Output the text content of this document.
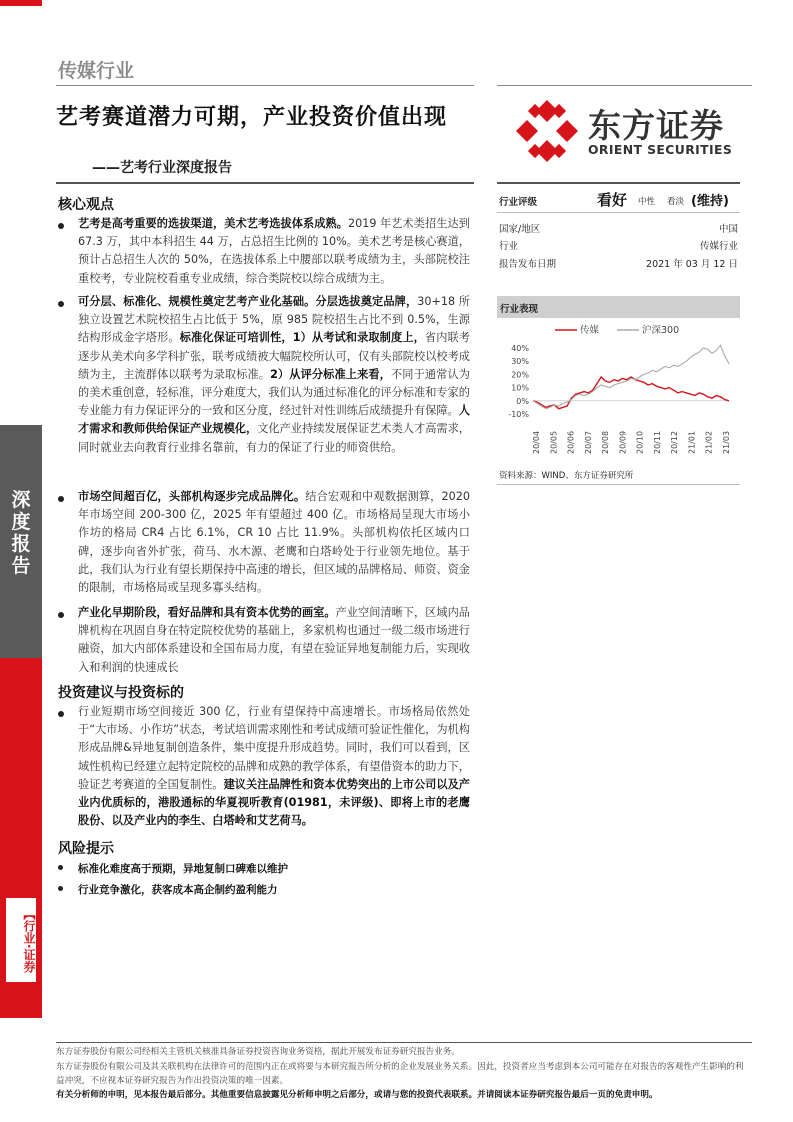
传媒行业
艺考赛道潜力可期，产业投资价值出现
——艺考行业深度报告
东方证券
ORIENT SECURITIES
行业评级	看好 中性 看淡 (维持)
国家/地区	中国
行业	传媒行业
报告发布日期	2021 年 03 月 12 日
行业表现
传媒	沪深300
40%
30%
20%
10%
0%
-10%
20/04 20/05 20/06 20/07 20/08 20/09 20/10 20/11 20/12 21/01 21/02 21/03
资料来源：WIND、东方证券研究所
深
度
报
告
【行业·证券
核心观点
艺考是高考重要的选拔渠道，美术艺考选拔体系成熟。2019 年艺术类招生达到 67.3 万，其中本科招生 44 万，占总招生比例的 10%。美术艺考是核心赛道，预计占总招生人次的 50%，在选拔体系上中腰部以联考成绩为主，头部院校注重校考，专业院校看重专业成绩，综合类院校以综合成绩为主。
可分层、标准化、规模性奠定艺考产业化基础。分层选拔奠定品牌，30+18 所独立设置艺术院校招生占比低于 5%，原 985 院校招生占比不到 0.5%，生源结构形成金字塔形。标准化保证可培训性，1）从考试和录取制度上，省内联考逐步从美术向多学科扩张，联考成绩被大幅院校所认可，仅有头部院校以校考成绩为主，主流群体以联考为录取标准。2）从评分标准上来看，不同于通常认为的美术重创意，轻标准，评分难度大，我们认为通过标准化的评分标准和专家的专业能力有力保证评分的一致和区分度，经过针对性训练后成绩提升有保障。人才需求和教师供给保证产业规模化，文化产业持续发展保证艺术类人才高需求，同时就业去向教育行业排名靠前，有力的保证了行业的师资供给。
市场空间超百亿，头部机构逐步完成品牌化。结合宏观和中观数据测算，2020 年市场空间 200-300 亿，2025 年有望超过 400 亿。市场格局呈现大市场小作坊的格局 CR4 占比 6.1%，CR 10 占比 11.9%。头部机构依托区域内口碑，逐步向省外扩张，荷马、水木源、老鹰和白塔岭处于行业领先地位。基于此，我们认为行业有望长期保持中高速的增长，但区域的品牌格局、师资、资金的限制，市场格局或呈现多寡头结构。
产业化早期阶段，看好品牌和具有资本优势的画室。产业空间清晰下，区域内品牌机构在巩固自身在特定院校优势的基础上，多家机构也通过一级二级市场进行融资，加大内部体系建设和全国布局力度，有望在验证异地复制能力后，实现收入和利润的快速成长
投资建议与投资标的
行业短期市场空间接近 300 亿，行业有望保持中高速增长。市场格局依然处于“大市场、小作坊”状态，考试培训需求刚性和考试成绩可验证性催化，为机构形成品牌&异地复制创造条件，集中度提升形成趋势。同时，我们可以看到，区域性机构已经建立起特定院校的品牌和成熟的教学体系，有望借资本的助力下，验证艺考赛道的全国复制性。建议关注品牌性和资本优势突出的上市公司以及产业内优质标的，港股通标的华夏视听教育(01981，未评级)、即将上市的老鹰股份、以及产业内的李生、白塔岭和艾艺荷马。
风险提示
标准化难度高于预期，异地复制口碑难以维护
行业竞争激化，获客成本高企制约盈利能力
东方证券股份有限公司经相关主管机关核准具备证券投资咨询业务资格，据此开展发布证券研究报告业务。
东方证券股份有限公司及其关联机构在法律许可的范围内正在或将要与本研究报告所分析的企业发展业务关系。因此，投资者应当考虑到本公司可能存在对报告的客观性产生影响的利益冲突，不应视本证券研究报告为作出投资决策的唯一因素。
有关分析师的申明，见本报告最后部分。其他重要信息披露见分析师申明之后部分，或请与您的投资代表联系。并请阅读本证券研究报告最后一页的免责申明。
